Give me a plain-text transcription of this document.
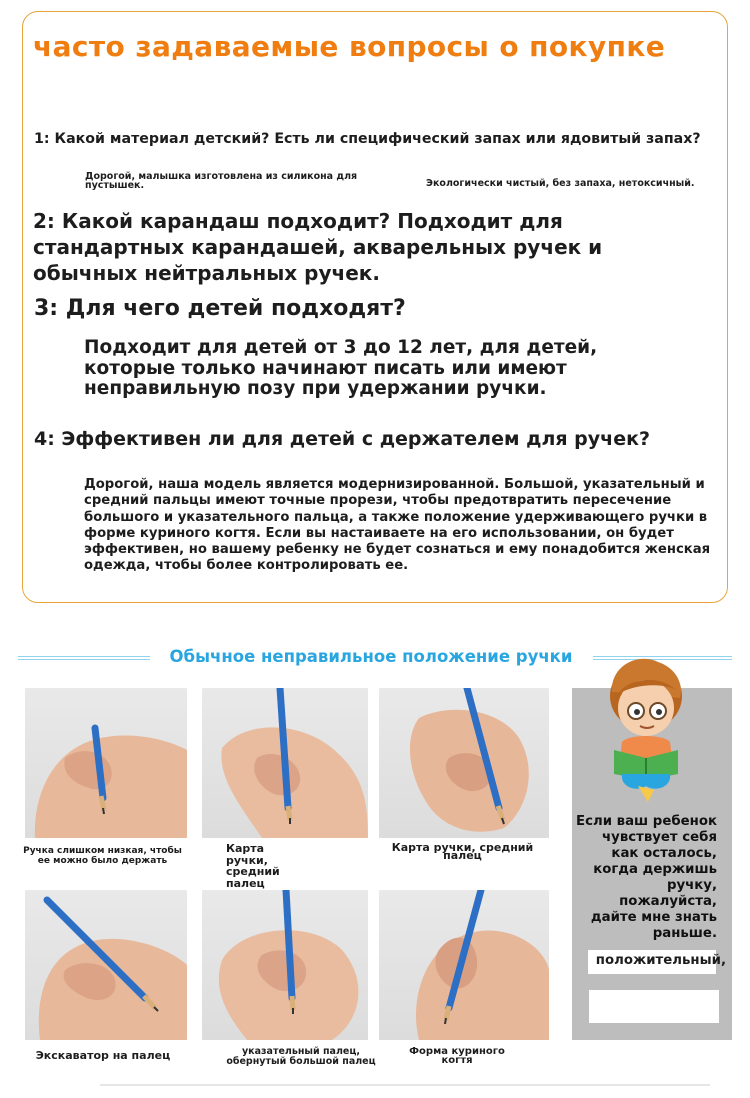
часто задаваемые вопросы о покупке
1: Какой материал детский? Есть ли специфический запах или ядовитый запах?
Дорогой, малышка изготовлена из силикона для пустышек.	Экологически чистый, без запаха, нетоксичный.
2: Какой карандаш подходит? Подходит для стандартных карандашей, акварельных ручек и обычных нейтральных ручек.
3: Для чего детей подходят?
Подходит для детей от 3 до 12 лет, для детей, которые только начинают писать или имеют неправильную позу при удержании ручки.
4: Эффективен ли для детей с держателем для ручек?
Дорогой, наша модель является модернизированной. Большой, указательный и средний пальцы имеют точные прорези, чтобы предотвратить пересечение большого и указательного пальца, а также положение удерживающего ручки в форме куриного когтя. Если вы настаиваете на его использовании, он будет эффективен, но вашему ребенку не будет сознаться и ему понадобится женская одежда, чтобы более контролировать ее.
Обычное неправильное положение ручки
Ручка слишком низкая, чтобы ее можно было держать
Карта ручки, средний палец
Карта ручки, средний палец
Экскаватор на палец	указательный палец, обернутый большой палец
Форма куриного когтя
Если ваш ребенок чувствует себя как осталось, когда держишь ручку, пожалуйста, дайте мне знать раньше.
положительный,
